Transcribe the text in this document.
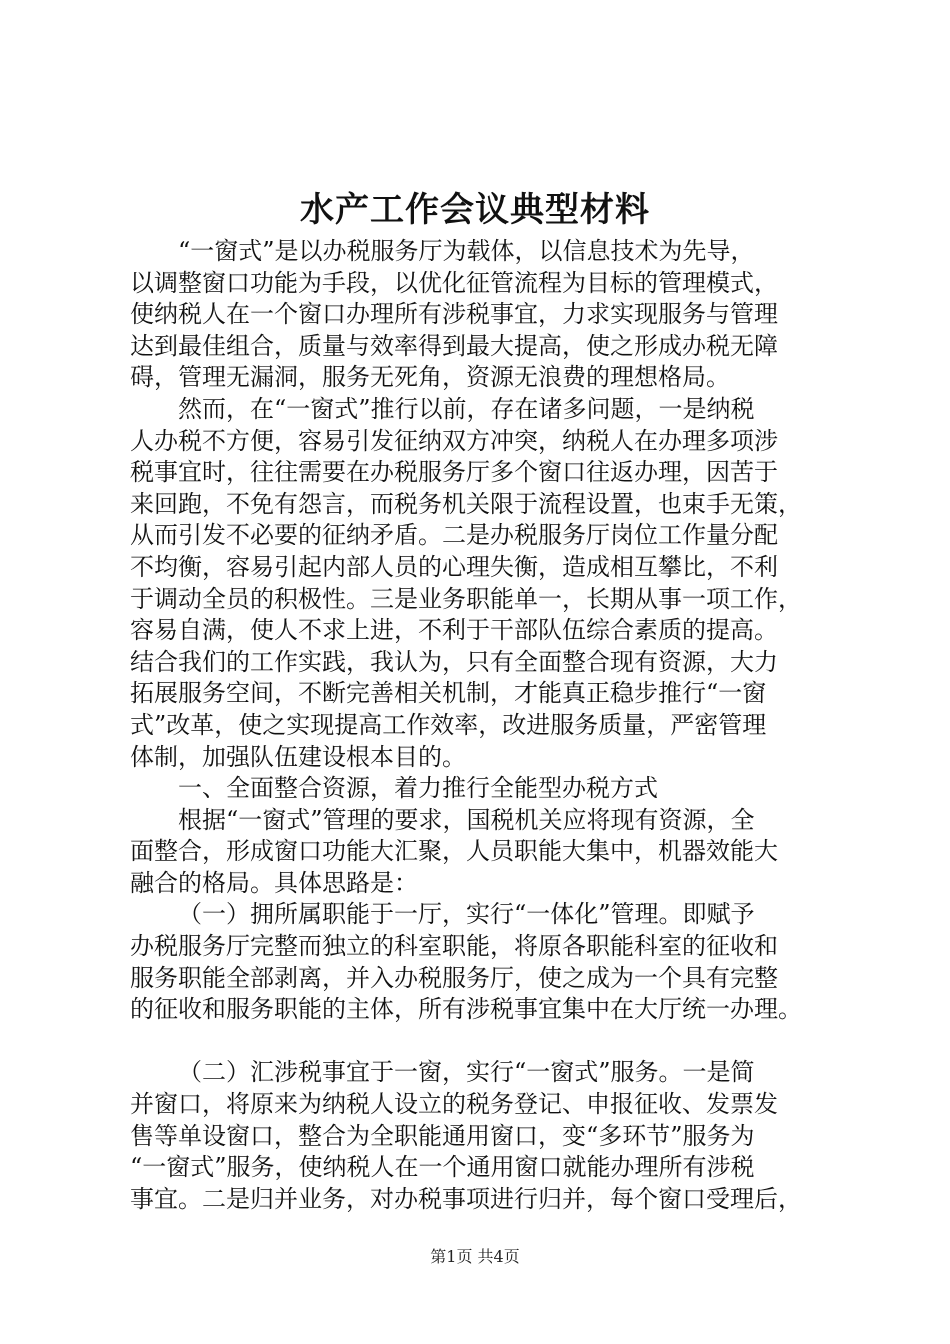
水产工作会议典型材料
“一窗式”是以办税服务厅为载体，以信息技术为先导，
以调整窗口功能为手段，以优化征管流程为目标的管理模式，
使纳税人在一个窗口办理所有涉税事宜，力求实现服务与管理
达到最佳组合，质量与效率得到最大提高，使之形成办税无障
碍，管理无漏洞，服务无死角，资源无浪费的理想格局。
然而，在“一窗式”推行以前，存在诸多问题，一是纳税
人办税不方便，容易引发征纳双方冲突，纳税人在办理多项涉
税事宜时，往往需要在办税服务厅多个窗口往返办理，因苦于
来回跑，不免有怨言，而税务机关限于流程设置，也束手无策，
从而引发不必要的征纳矛盾。二是办税服务厅岗位工作量分配
不均衡，容易引起内部人员的心理失衡，造成相互攀比，不利
于调动全员的积极性。三是业务职能单一，长期从事一项工作，
容易自满，使人不求上进，不利于干部队伍综合素质的提高。
结合我们的工作实践，我认为，只有全面整合现有资源，大力
拓展服务空间，不断完善相关机制，才能真正稳步推行“一窗
式”改革，使之实现提高工作效率，改进服务质量，严密管理
体制，加强队伍建设根本目的。
一、全面整合资源，着力推行全能型办税方式
根据“一窗式”管理的要求，国税机关应将现有资源，全
面整合，形成窗口功能大汇聚，人员职能大集中，机器效能大
融合的格局。具体思路是：
（一）拥所属职能于一厅，实行“一体化”管理。即赋予
办税服务厅完整而独立的科室职能，将原各职能科室的征收和
服务职能全部剥离，并入办税服务厅，使之成为一个具有完整
的征收和服务职能的主体，所有涉税事宜集中在大厅统一办理。
（二）汇涉税事宜于一窗，实行“一窗式”服务。一是简
并窗口，将原来为纳税人设立的税务登记、申报征收、发票发
售等单设窗口，整合为全职能通用窗口，变“多环节”服务为
“一窗式”服务，使纳税人在一个通用窗口就能办理所有涉税
事宜。二是归并业务，对办税事项进行归并，每个窗口受理后，
第1页 共4页
